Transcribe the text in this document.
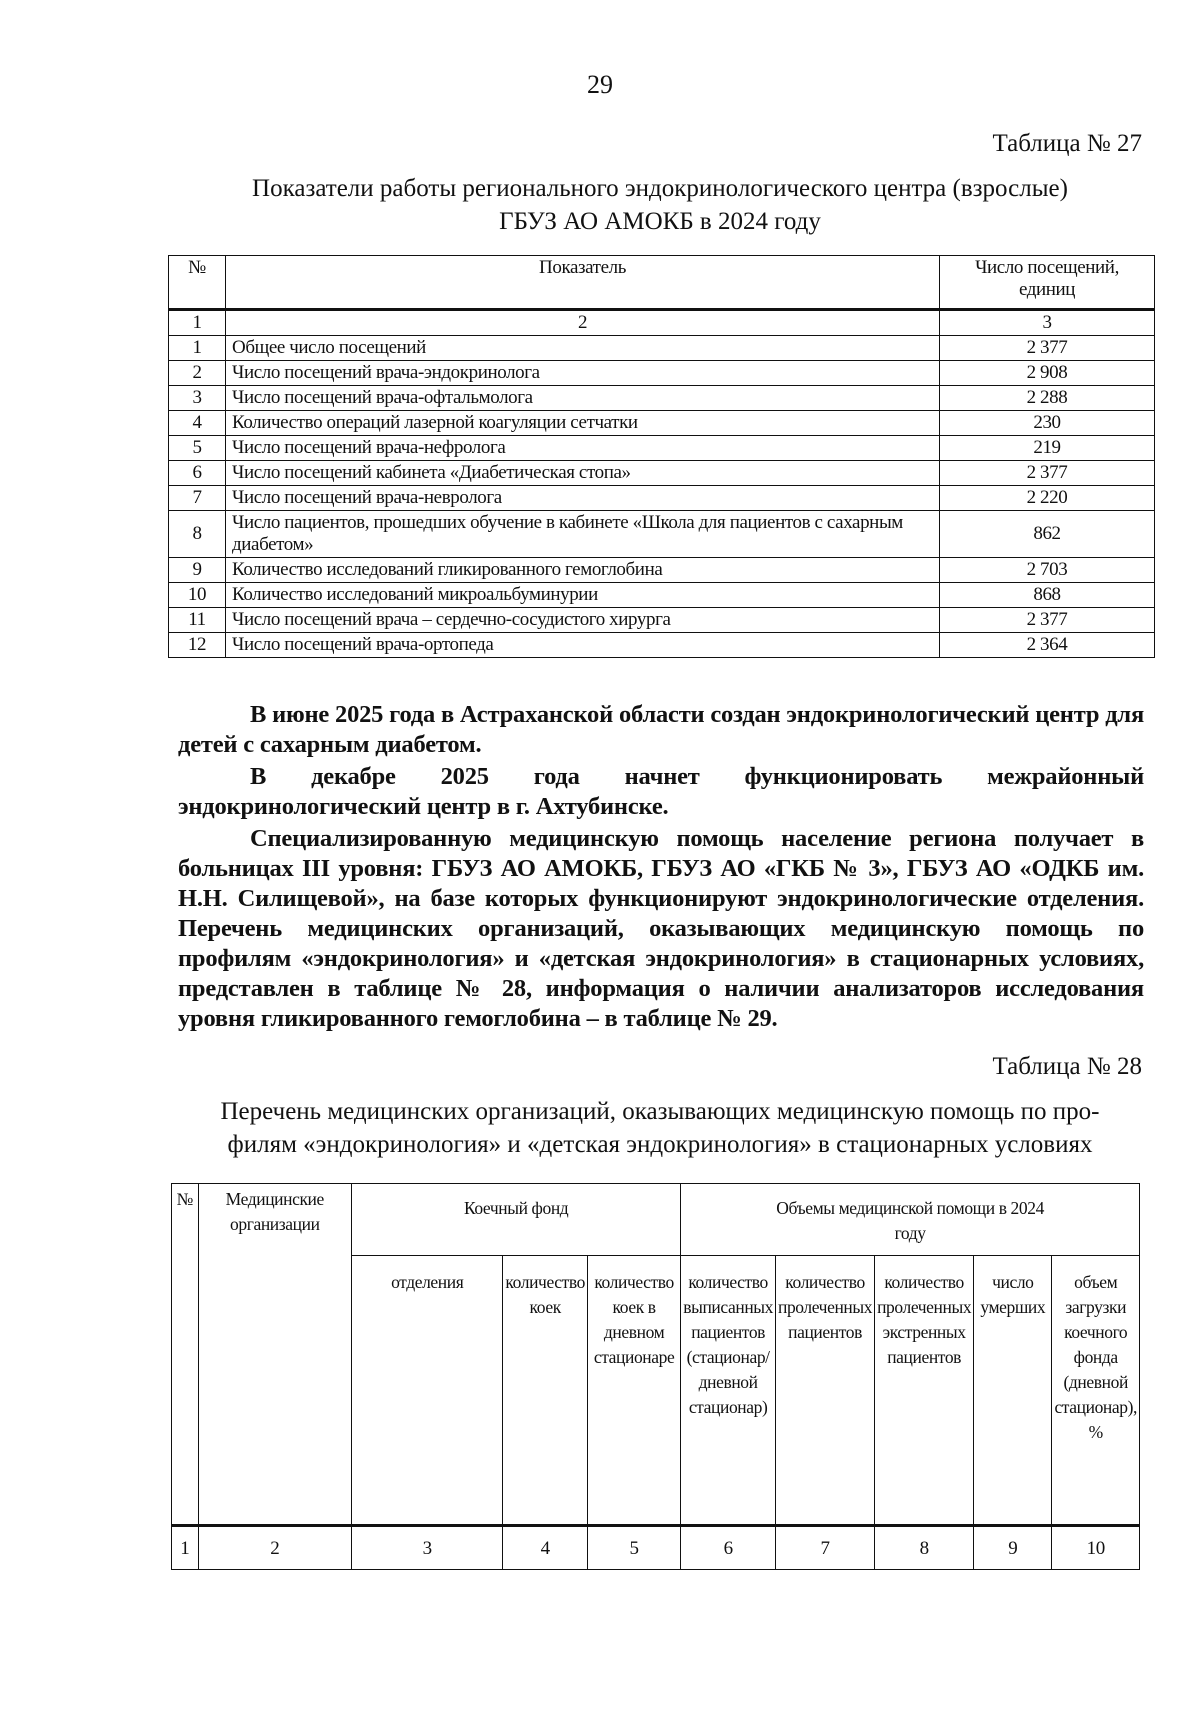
29
Таблица № 27
Показатели работы регионального эндокринологического центра (взрослые)
ГБУЗ АО АМОКБ в 2024 году
№	Показатель	Число посещений, единиц
1	2	3
1	Общее число посещений	2 377
2	Число посещений врача-эндокринолога	2 908
3	Число посещений врача-офтальмолога	2 288
4	Количество операций лазерной коагуляции сетчатки	230
5	Число посещений врача-нефролога	219
6	Число посещений кабинета «Диабетическая стопа»	2 377
7	Число посещений врача-невролога	2 220
8	Число пациентов, прошедших обучение в кабинете «Школа для пациентов с сахарным диабетом»	862
9	Количество исследований гликированного гемоглобина	2 703
10	Количество исследований микроальбуминурии	868
11	Число посещений врача – сердечно-сосудистого хирурга	2 377
12	Число посещений врача-ортопеда	2 364
В июне 2025 года в Астраханской области создан эндокринологический центр для детей с сахарным диабетом.
В декабре 2025 года начнет функционировать межрайонный эндокринологический центр в г. Ахтубинске.
Специализированную медицинскую помощь население региона получает в больницах III уровня: ГБУЗ АО АМОКБ, ГБУЗ АО «ГКБ № 3», ГБУЗ АО «ОДКБ им. Н.Н. Силищевой», на базе которых функционируют эндокринологические отделения. Перечень медицинских организаций, оказывающих медицинскую помощь по профилям «эндокринология» и «детская эндокринология» в стационарных условиях, представлен в таблице № 28, информация о наличии анализаторов исследования уровня гликированного гемоглобина – в таблице № 29.
Таблица № 28
Перечень медицинских организаций, оказывающих медицинскую помощь по про-
филям «эндокринология» и «детская эндокринология» в стационарных условиях
№	Медицинские организации	Коечный фонд			Объемы медицинской помощи в 2024 году				
		отделения	количество коек	количество коек в дневном стационаре	количество выписанных пациентов (стационар/ дневной стационар)	количество пролеченных пациентов	количество пролеченных экстренных пациентов	число умерших	объем загрузки коечного фонда (дневной стационар), %
1	2	3	4	5	6	7	8	9	10
